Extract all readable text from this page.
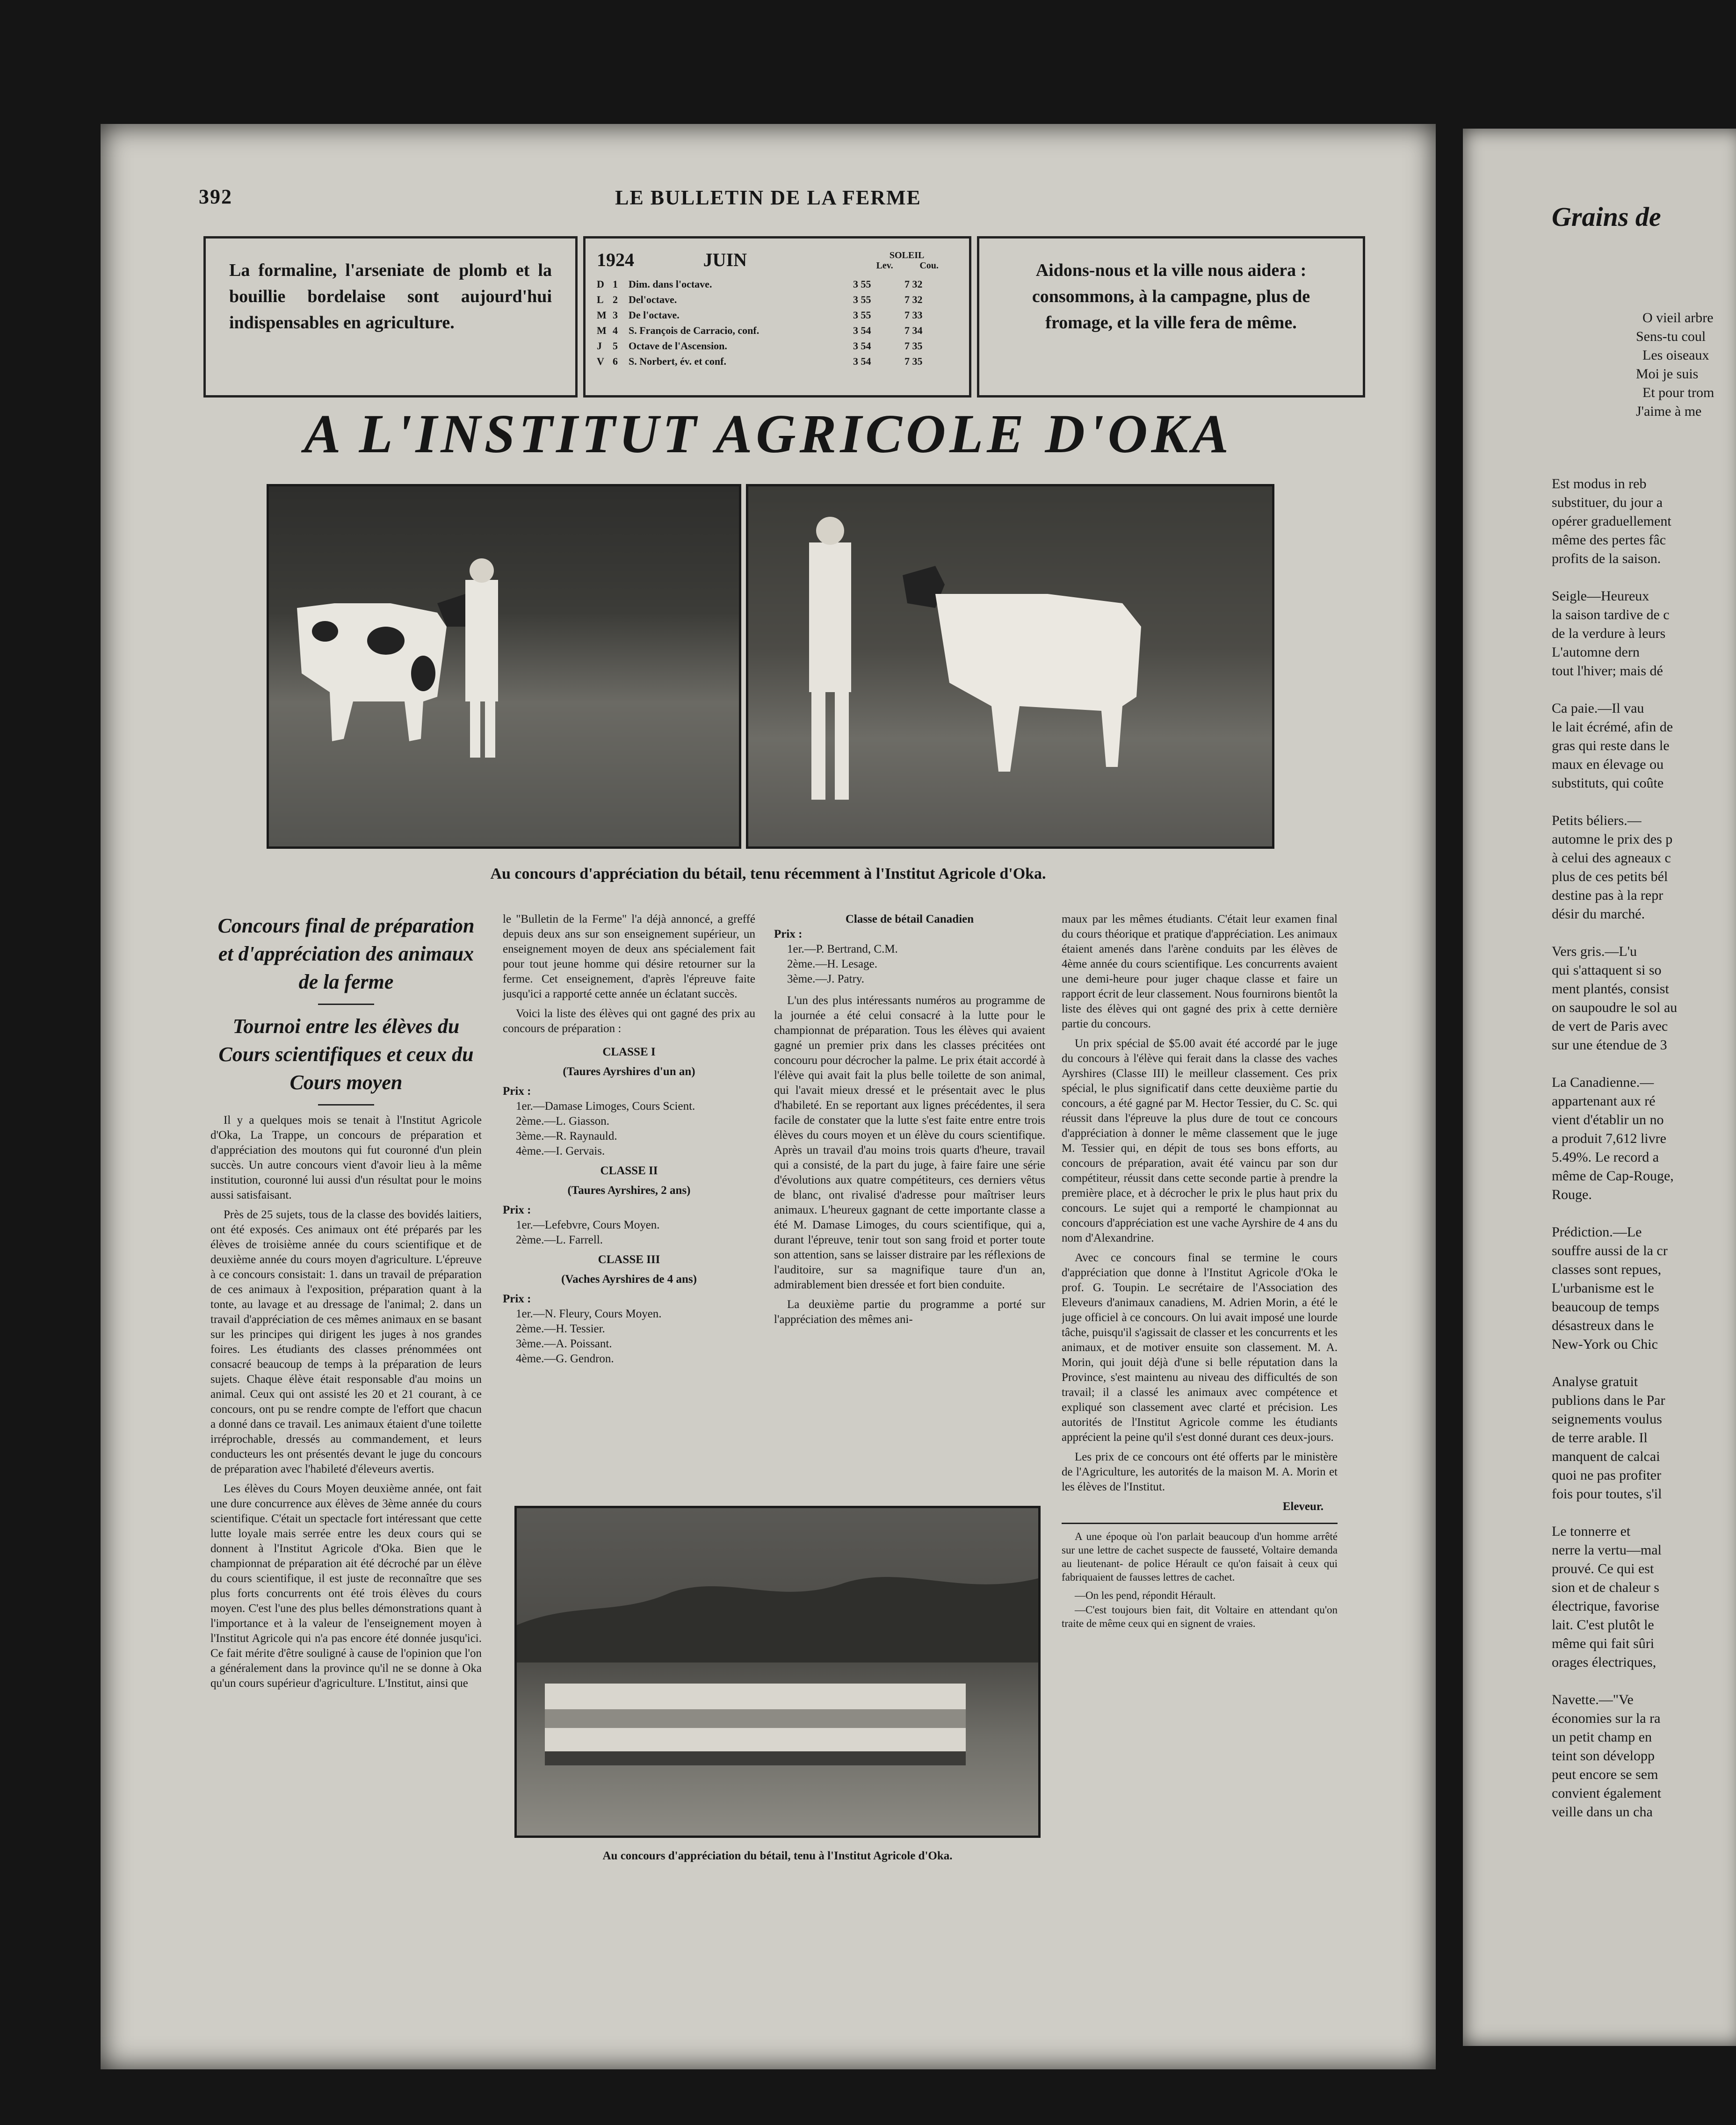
392	LE BULLETIN DE LA FERME
La formaline, l'arseniate de plomb et la bouillie bordelaise sont aujourd'hui indispensables en agriculture.
1924	JUIN	SOLEIL
Lev.	Cou.
D 1	Dim. dans l'octave.	3 55	7 32
L 2	Del'octave.	3 55	7 32
M 3	De l'octave.	3 55	7 33
M 4	S. François de Carracio, conf.	3 54	7 34
J	5	Octave de l'Ascension.	3 54	7 35
V 6	S. Norbert, év. et conf.	3 54	7 35
Aidons-nous et la ville nous aidera : consommons, à la campagne, plus de fromage, et la ville fera de même.
A L'INSTITUT AGRICOLE D'OKA
Au concours d'appréciation du bétail, tenu récemment à l'Institut Agricole d'Oka.

Concours final de préparation et d'appréciation des animaux de la ferme

Tournoi entre les élèves du Cours scientifiques et ceux du Cours moyen

Il y a quelques mois se tenait à l'Institut Agricole d'Oka, La Trappe, un concours de préparation et d'appréciation des moutons qui fut couronné d'un plein succès. Un autre concours vient d'avoir lieu à la même institution, couronné lui aussi d'un résultat pour le moins aussi satisfaisant.

Près de 25 sujets, tous de la classe des bovidés laitiers, ont été exposés. Ces animaux ont été préparés par les élèves de troisième année du cours scientifique et de deuxième année du cours moyen d'agriculture. L'épreuve à ce concours consistait: 1. dans un travail de préparation de ces animaux à l'exposition, préparation quant à la tonte, au lavage et au dressage de l'animal; 2. dans un travail d'appréciation de ces mêmes animaux en se basant sur les principes qui dirigent les juges à nos grandes foires. Les étudiants des classes prénommées ont consacré beaucoup de temps à la préparation de leurs sujets. Chaque élève était responsable d'au moins un animal. Ceux qui ont assisté les 20 et 21 courant, à ce concours, ont pu se rendre compte de l'effort que chacun a donné dans ce travail. Les animaux étaient d'une toilette irréprochable, dressés au commandement, et leurs conducteurs les ont présentés devant le juge du concours de préparation avec l'habileté d'éleveurs avertis.

Les élèves du Cours Moyen deuxième année, ont fait une dure concurrence aux élèves de 3ème année du cours scientifique. C'était un spectacle fort intéressant que cette lutte loyale mais serrée entre les deux cours qui se donnent à l'Institut Agricole d'Oka. Bien que le championnat de préparation ait été décroché par un élève du cours scientifique, il est juste de reconnaître que ses plus forts concurrents ont été trois élèves du cours moyen. C'est l'une des plus belles démonstrations quant à l'importance et à la valeur de l'enseignement moyen à l'Institut Agricole qui n'a pas encore été donnée jusqu'ici. Ce fait mérite d'être souligné à cause de l'opinion que l'on a généralement dans la province qu'il ne se donne à Oka qu'un cours supérieur d'agriculture. L'Institut, ainsi que

le "Bulletin de la Ferme" l'a déjà annoncé, a greffé depuis deux ans sur son enseignement supérieur, un enseignement moyen de deux ans spécialement fait pour tout jeune homme qui désire retourner sur la ferme. Cet enseignement, d'après l'épreuve faite jusqu'ici a rapporté cette année un éclatant succès.

Voici la liste des élèves qui ont gagné des prix au concours de préparation :

CLASSE I
(Taures Ayrshires d'un an)
Prix :
1er.—Damase Limoges, Cours Scient.
2ème.—L. Giasson.
3ème.—R. Raynauld.
4ème.—I. Gervais.
CLASSE II
(Taures Ayrshires, 2 ans)
Prix :
1er.—Lefebvre, Cours Moyen.
2ème.—L. Farrell.
CLASSE III
(Vaches Ayrshires de 4 ans)
Prix :
1er.—N. Fleury, Cours Moyen.
2ème.—H. Tessier.
3ème.—A. Poissant.
4ème.—G. Gendron.
Classe de bétail Canadien
Prix :
1er.—P. Bertrand, C.M.
2ème.—H. Lesage.
3ème.—J. Patry.

L'un des plus intéressants numéros au programme de la journée a été celui consacré à la lutte pour le championnat de préparation. Tous les élèves qui avaient gagné un premier prix dans les classes précitées ont concouru pour décrocher la palme. Le prix était accordé à l'élève qui avait fait la plus belle toilette de son animal, qui l'avait mieux dressé et le présentait avec le plus d'habileté. En se reportant aux lignes précédentes, il sera facile de constater que la lutte s'est faite entre entre trois élèves du cours moyen et un élève du cours scientifique. Après un travail d'au moins trois quarts d'heure, travail qui a consisté, de la part du juge, à faire faire une série d'évolutions aux quatre compétiteurs, ces derniers vêtus de blanc, ont rivalisé d'adresse pour maîtriser leurs animaux. L'heureux gagnant de cette importante classe a été M. Damase Limoges, du cours scientifique, qui a, durant l'épreuve, tenir tout son sang froid et porter toute son attention, sans se laisser distraire par les réflexions de l'auditoire, sur sa magnifique taure d'un an, admirablement bien dressée et fort bien conduite.

La deuxième partie du programme a porté sur l'appréciation des mêmes ani-

maux par les mêmes étudiants. C'était leur examen final du cours théorique et pratique d'appréciation. Les animaux étaient amenés dans l'arène conduits par les élèves de 4ème année du cours scientifique. Les concurrents avaient une demi-heure pour juger chaque classe et faire un rapport écrit de leur classement. Nous fournirons bientôt la liste des élèves qui ont gagné des prix à cette dernière partie du concours.

Un prix spécial de $5.00 avait été accordé par le juge du concours à l'élève qui ferait dans la classe des vaches Ayrshires (Classe III) le meilleur classement. Ces prix spécial, le plus significatif dans cette deuxième partie du concours, a été gagné par M. Hector Tessier, du C. Sc. qui réussit dans l'épreuve la plus dure de tout ce concours d'appréciation à donner le même classement que le juge M. Tessier qui, en dépit de tous ses bons efforts, au concours de préparation, avait été vaincu par son dur compétiteur, réussit dans cette seconde partie à prendre la première place, et à décrocher le prix le plus haut prix du concours. Le sujet qui a remporté le championnat au concours d'appréciation est une vache Ayrshire de 4 ans du nom d'Alexandrine.

Avec ce concours final se termine le cours d'appréciation que donne à l'Institut Agricole d'Oka le prof. G. Toupin. Le secrétaire de l'Association des Eleveurs d'animaux canadiens, M. Adrien Morin, a été le juge officiel à ce concours. On lui avait imposé une lourde tâche, puisqu'il s'agissait de classer et les concurrents et les animaux, et de motiver ensuite son classement. M. A. Morin, qui jouit déjà d'une si belle réputation dans la Province, s'est maintenu au niveau des difficultés de son travail; il a classé les animaux avec compétence et expliqué son classement avec clarté et précision. Les autorités de l'Institut Agricole comme les étudiants apprécient la peine qu'il s'est donné durant ces deux-jours.

Les prix de ce concours ont été offerts par le ministère de l'Agriculture, les autorités de la maison M. A. Morin et les élèves de l'Institut.

Eleveur.

A une époque où l'on parlait beaucoup d'un homme arrêté sur une lettre de cachet suspecte de fausseté, Voltaire demanda au lieutenant- de police Hérault ce qu'on faisait à ceux qui fabriquaient de fausses lettres de cachet.

—On les pend, répondit Hérault.

—C'est toujours bien fait, dit Voltaire en attendant qu'on traite de même ceux qui en signent de vraies.

Au concours d'appréciation du bétail, tenu à l'Institut Agricole d'Oka.
Grains de
O vieil arbre
Sens-tu coul
Les oiseaux
Moi je suis
Et pour trom
J'aime à me
Est modus in reb
substituer, du jour a
opérer graduellement
même des pertes fâc
profits de la saison.
Seigle—Heureux
la saison tardive de c
de la verdure à leurs
L'automne dern
tout l'hiver; mais dé
Ca paie.—Il vau
le lait écrémé, afin de
gras qui reste dans le
maux en élevage ou
substituts, qui coûte
Petits béliers.—
automne le prix des p
à celui des agneaux c
plus de ces petits bél
destine pas à la repr
désir du marché.
Vers gris.—L'u
qui s'attaquent si so
ment plantés, consist
on saupoudre le sol au
de vert de Paris avec
sur une étendue de 3
La Canadienne.—
appartenant aux ré
vient d'établir un no
a produit 7,612 livre
5.49%. Le record a
même de Cap-Rouge,
Rouge.
Prédiction.—Le
souffre aussi de la cr
classes sont repues,
L'urbanisme est le
beaucoup de temps
désastreux dans le
New-York ou Chic
Analyse gratuit
publions dans le Par
seignements voulus
de terre arable. Il
manquent de calcai
quoi ne pas profiter
fois pour toutes, s'il
Le tonnerre et
nerre la vertu—mal
prouvé. Ce qui est
sion et de chaleur s
électrique, favorise
lait. C'est plutôt le
même qui fait sûri
orages électriques,
Navette.—"Ve
économies sur la ra
un petit champ en
teint son développ
peut encore se sem
convient également
veille dans un cha
